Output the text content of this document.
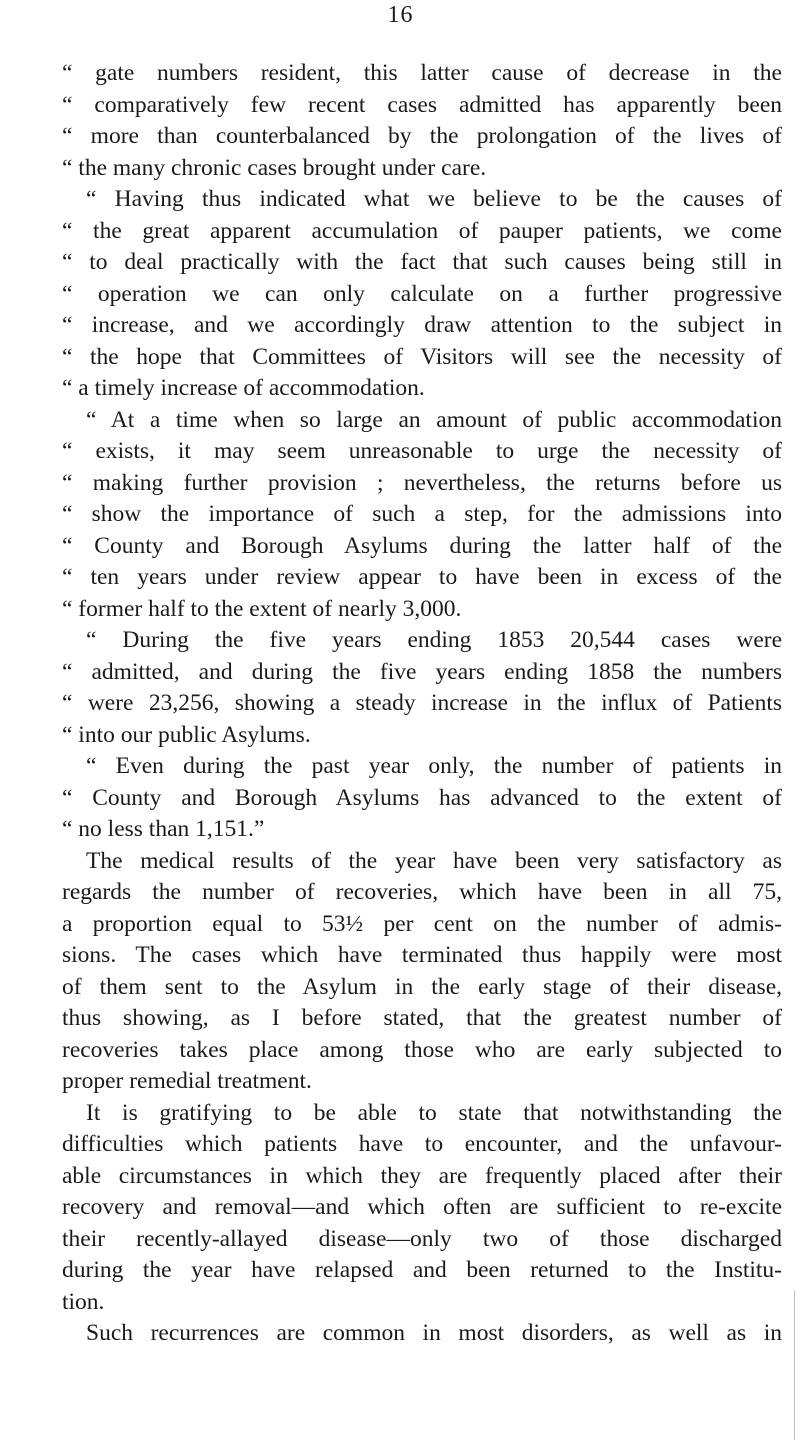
16
“ gate numbers resident, this latter cause of decrease in the
“ comparatively few recent cases admitted has apparently been
“ more than counterbalanced by the prolongation of the lives of
“ the many chronic cases brought under care.
“ Having thus indicated what we believe to be the causes of
“ the great apparent accumulation of pauper patients, we come
“ to deal practically with the fact that such causes being still in
“ operation we can only calculate on a further progressive
“ increase, and we accordingly draw attention to the subject in
“ the hope that Committees of Visitors will see the necessity of
“ a timely increase of accommodation.
“ At a time when so large an amount of public accommodation
“ exists, it may seem unreasonable to urge the necessity of
“ making further provision ; nevertheless, the returns before us
“ show the importance of such a step, for the admissions into
“ County and Borough Asylums during the latter half of the
“ ten years under review appear to have been in excess of the
“ former half to the extent of nearly 3,000.
“ During the five years ending 1853 20,544 cases were
“ admitted, and during the five years ending 1858 the numbers
“ were 23,256, showing a steady increase in the influx of Patients
“ into our public Asylums.
“ Even during the past year only, the number of patients in
“ County and Borough Asylums has advanced to the extent of
“ no less than 1,151.”
The medical results of the year have been very satisfactory as
regards the number of recoveries, which have been in all 75,
a proportion equal to 53½ per cent on the number of admis-
sions. The cases which have terminated thus happily were most
of them sent to the Asylum in the early stage of their disease,
thus showing, as I before stated, that the greatest number of
recoveries takes place among those who are early subjected to
proper remedial treatment.
It is gratifying to be able to state that notwithstanding the
difficulties which patients have to encounter, and the unfavour-
able circumstances in which they are frequently placed after their
recovery and removal—and which often are sufficient to re-excite
their recently-allayed disease—only two of those discharged
during the year have relapsed and been returned to the Institu-
tion.
Such recurrences are common in most disorders, as well as in
